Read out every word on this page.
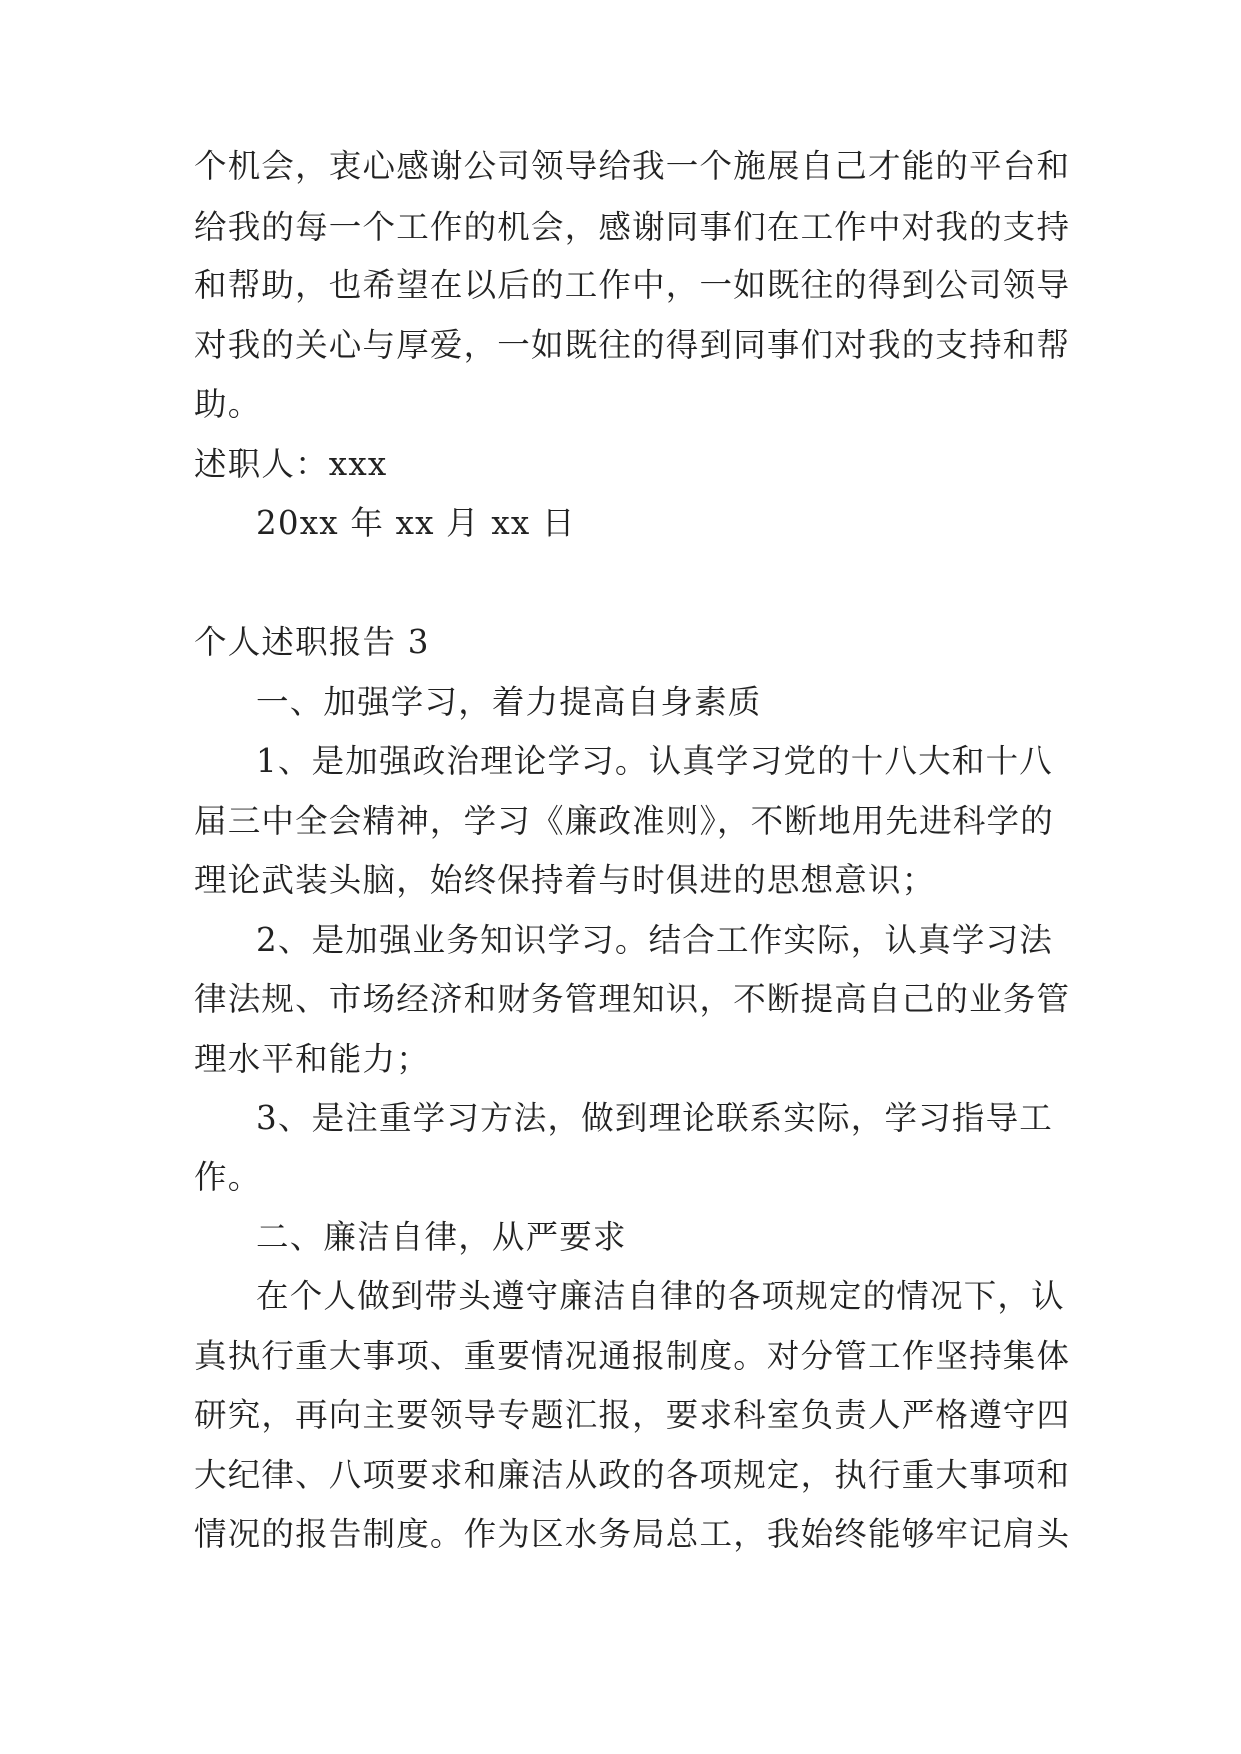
个机会，衷心感谢公司领导给我一个施展自己才能的平台和
给我的每一个工作的机会，感谢同事们在工作中对我的支持
和帮助，也希望在以后的工作中，一如既往的得到公司领导
对我的关心与厚爱，一如既往的得到同事们对我的支持和帮
助。
述职人：xxx
20xx 年 xx 月 xx 日
个人述职报告 3
一、加强学习，着力提高自身素质
1、是加强政治理论学习。认真学习党的十八大和十八
届三中全会精神，学习《廉政准则》，不断地用先进科学的
理论武装头脑，始终保持着与时俱进的思想意识；
2、是加强业务知识学习。结合工作实际，认真学习法
律法规、市场经济和财务管理知识，不断提高自己的业务管
理水平和能力；
3、是注重学习方法，做到理论联系实际，学习指导工
作。
二、廉洁自律，从严要求
在个人做到带头遵守廉洁自律的各项规定的情况下，认
真执行重大事项、重要情况通报制度。对分管工作坚持集体
研究，再向主要领导专题汇报，要求科室负责人严格遵守四
大纪律、八项要求和廉洁从政的各项规定，执行重大事项和
情况的报告制度。作为区水务局总工，我始终能够牢记肩头
